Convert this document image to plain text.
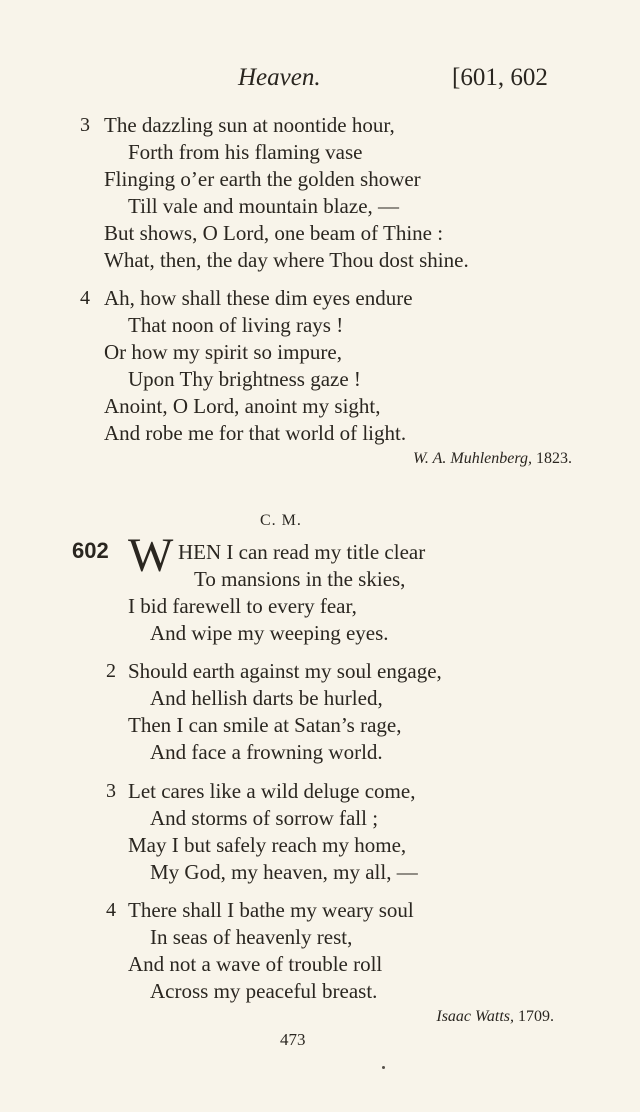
Heaven.	[601, 602
3 The dazzling sun at noontide hour,
Forth from his flaming vase
Flinging o’er earth the golden shower
Till vale and mountain blaze, —
But shows, O Lord, one beam of Thine :
What, then, the day where Thou dost shine.
4 Ah, how shall these dim eyes endure
That noon of living rays !
Or how my spirit so impure,
Upon Thy brightness gaze !
Anoint, O Lord, anoint my sight,
And robe me for that world of light.
W. A. Muhlenberg, 1823.
C. M.
602 W HEN I can read my title clear
To mansions in the skies,
I bid farewell to every fear,
And wipe my weeping eyes.
2 Should earth against my soul engage,
And hellish darts be hurled,
Then I can smile at Satan’s rage,
And face a frowning world.
3 Let cares like a wild deluge come,
And storms of sorrow fall ;
May I but safely reach my home,
My God, my heaven, my all, —
4 There shall I bathe my weary soul
In seas of heavenly rest,
And not a wave of trouble roll
Across my peaceful breast.
Isaac Watts, 1709.
473
